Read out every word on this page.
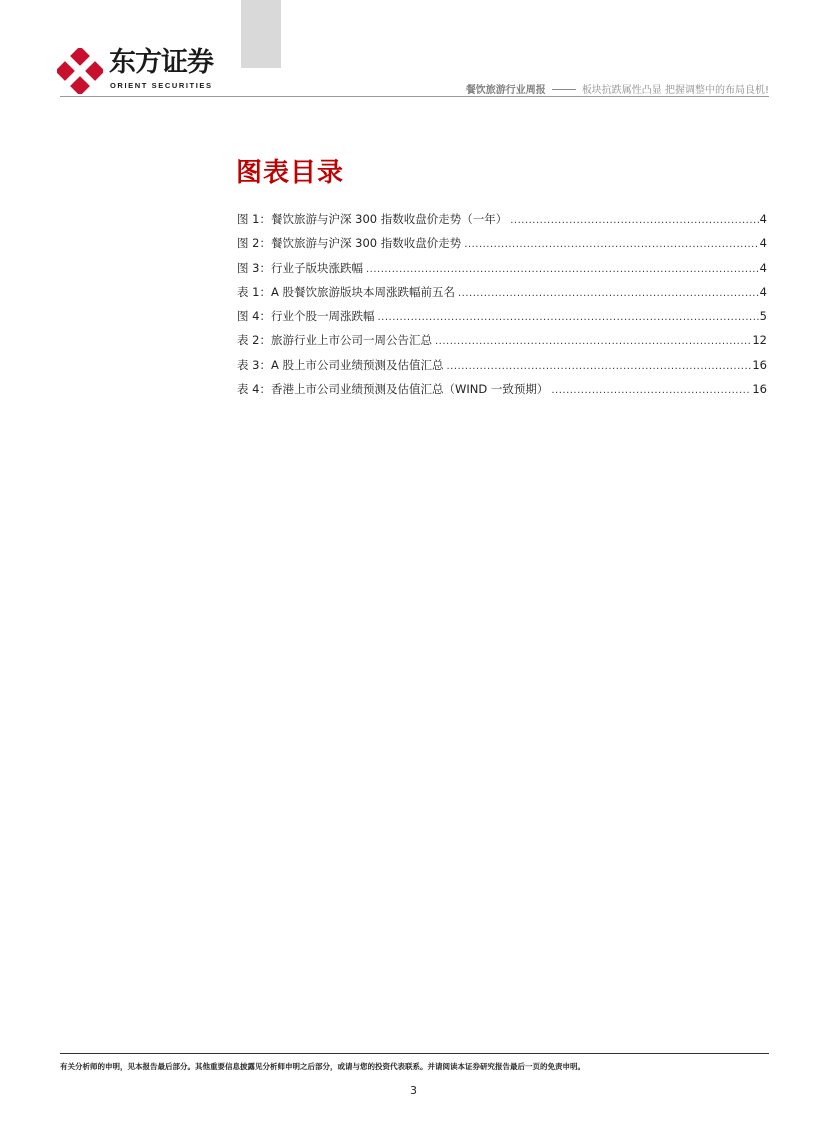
东方证券
ORIENT SECURITIES	餐饮旅游行业周报	板块抗跌属性凸显 把握调整中的布局良机!
图表目录
图 1：餐饮旅游与沪深 300 指数收盘价走势（一年） .....	4
图 2：餐饮旅游与沪深 300 指数收盘价走势 .....	4
图 3：行业子版块涨跌幅 .....	4
表 1：A 股餐饮旅游版块本周涨跌幅前五名 .....	4
图 4：行业个股一周涨跌幅 .....	5
表 2：旅游行业上市公司一周公告汇总 .....	12
表 3：A 股上市公司业绩预测及估值汇总 .....	16
表 4：香港上市公司业绩预测及估值汇总（WIND 一致预期） .....	16
有关分析师的申明，见本报告最后部分。其他重要信息披露见分析师申明之后部分，或请与您的投资代表联系。并请阅读本证券研究报告最后一页的免责申明。
3
